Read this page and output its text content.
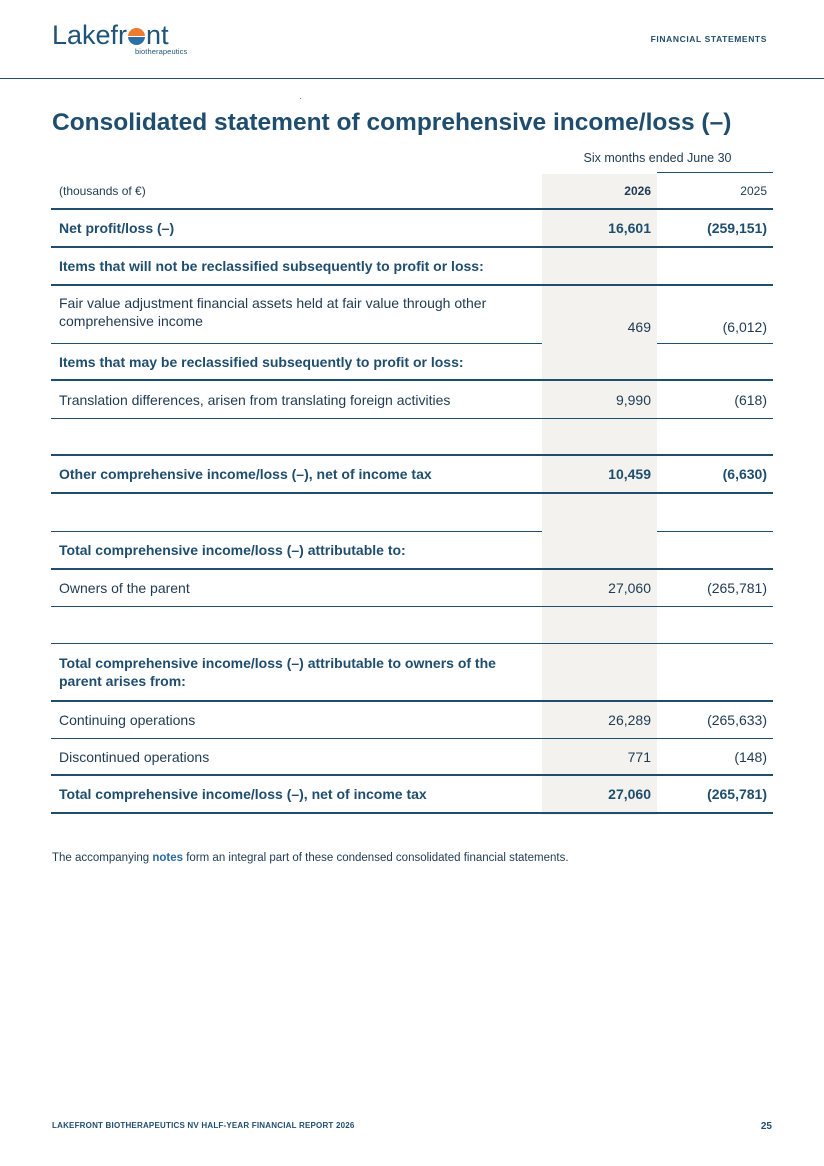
Lakefr nt
biotherapeutics
FINANCIAL STATEMENTS
Consolidated statement of comprehensive income/loss (–)
Six months ended June 30
(thousands of €)	2026	2025
Net profit/loss (–)	16,601	(259,151)
Items that will not be reclassified subsequently to profit or loss:
Fair value adjustment financial assets held at fair value through other comprehensive income	469	(6,012)
Items that may be reclassified subsequently to profit or loss:
Translation differences, arisen from translating foreign activities	9,990	(618)
Other comprehensive income/loss (–), net of income tax	10,459	(6,630)
Total comprehensive income/loss (–) attributable to:
Owners of the parent	27,060	(265,781)
Total comprehensive income/loss (–) attributable to owners of the parent arises from:
Continuing operations	26,289	(265,633)
Discontinued operations	771	(148)
Total comprehensive income/loss (–), net of income tax	27,060	(265,781)
The accompanying notes form an integral part of these condensed consolidated financial statements.
LAKEFRONT BIOTHERAPEUTICS NV HALF-YEAR FINANCIAL REPORT 2026	25
